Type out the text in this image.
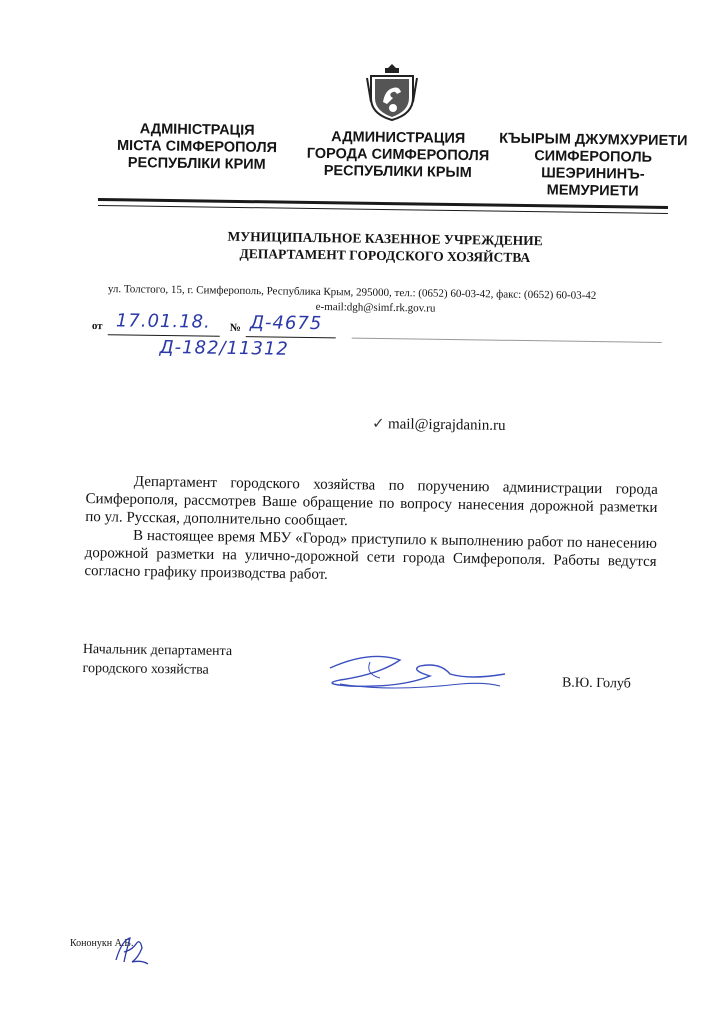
АДМІНІСТРАЦІЯ
МІСТА СІМФЕРОПОЛЯ
РЕСПУБЛІКИ КРИМ
АДМИНИСТРАЦИЯ
ГОРОДА СИМФЕРОПОЛЯ
РЕСПУБЛИКИ КРЫМ
КЪЫРЫМ ДЖУМХУРИЕТИ
СИМФЕРОПОЛЬ
ШЕЭРИНИНЪ-
МЕМУРИЕТИ
МУНИЦИПАЛЬНОЕ КАЗЕННОЕ УЧРЕЖДЕНИЕ
ДЕПАРТАМЕНТ ГОРОДСКОГО ХОЗЯЙСТВА
ул. Толстого, 15, г. Симферополь, Республика Крым, 295000, тел.: (0652) 60-03-42, факс: (0652) 60-03-42
e-mail:dgh@simf.rk.gov.ru
от	№
17.01.18. Д-4675
Д-182/11312
✓ mail@igrajdanin.ru

Департамент городского хозяйства по поручению администрации города Симферополя, рассмотрев Ваше обращение по вопросу нанесения дорожной разметки по ул. Русская, дополнительно сообщает.

В настоящее время МБУ «Город» приступило к выполнению работ по нанесению дорожной разметки на улично-дорожной сети города Симферополя. Работы ведутся согласно графику производства работ.

Начальник департамента
городского хозяйства
В.Ю. Голуб
Кононукн А.В.
